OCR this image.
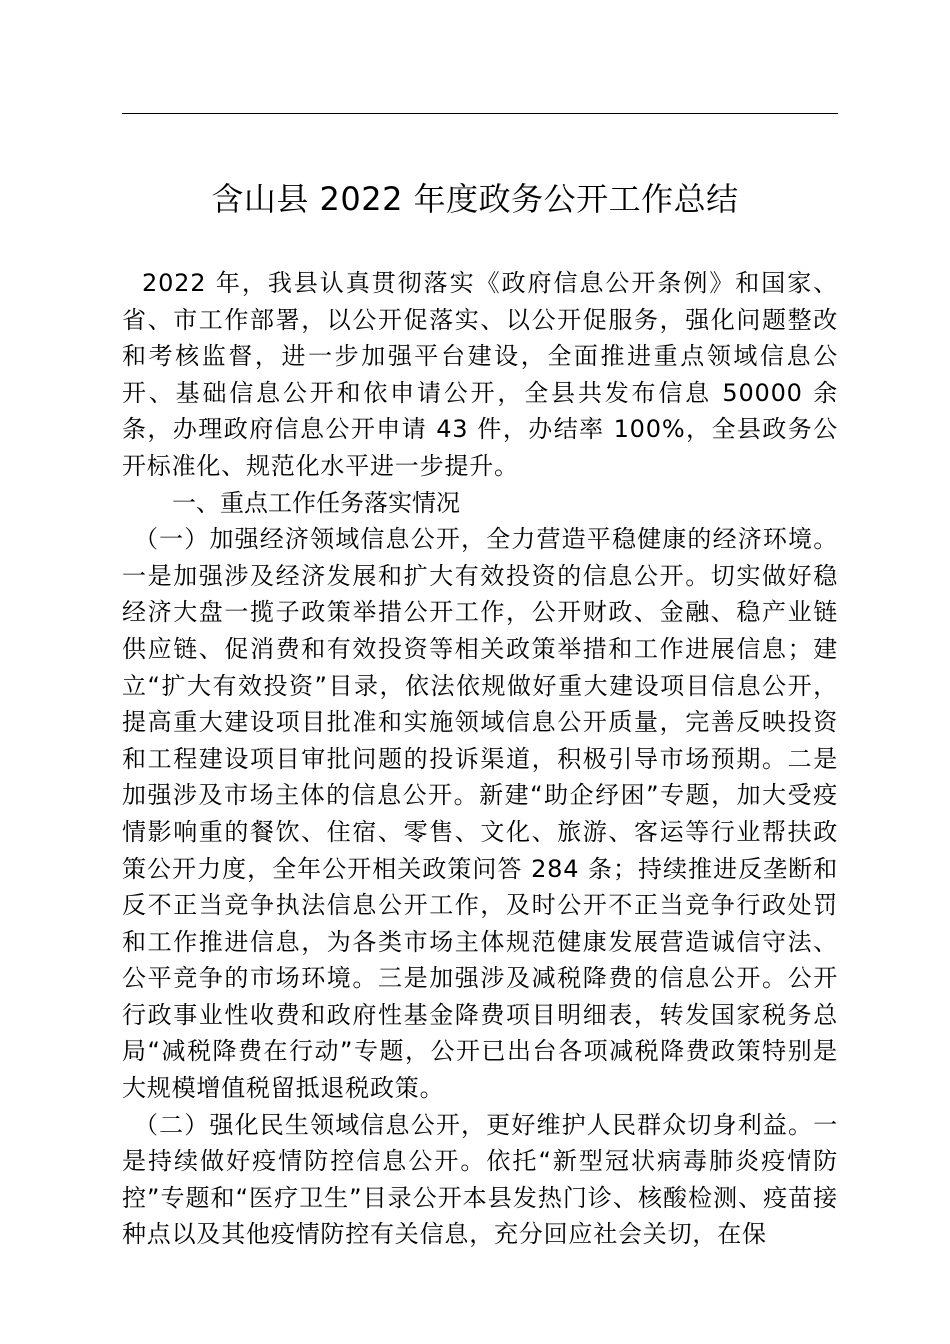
含山县 2022 年度政务公开工作总结

2022 年，我县认真贯彻落实《政府信息公开条例》和国家、省、市工作部署，以公开促落实、以公开促服务，强化问题整改和考核监督，进一步加强平台建设，全面推进重点领域信息公开、基础信息公开和依申请公开，全县共发布信息 50000 余条，办理政府信息公开申请 43 件，办结率 100%，全县政务公开标准化、规范化水平进一步提升。

一、重点工作任务落实情况

（一）加强经济领域信息公开，全力营造平稳健康的经济环境。一是加强涉及经济发展和扩大有效投资的信息公开。切实做好稳经济大盘一揽子政策举措公开工作，公开财政、金融、稳产业链供应链、促消费和有效投资等相关政策举措和工作进展信息；建立“扩大有效投资”目录，依法依规做好重大建设项目信息公开，提高重大建设项目批准和实施领域信息公开质量，完善反映投资和工程建设项目审批问题的投诉渠道，积极引导市场预期。二是加强涉及市场主体的信息公开。新建“助企纾困”专题，加大受疫情影响重的餐饮、住宿、零售、文化、旅游、客运等行业帮扶政策公开力度，全年公开相关政策问答 284 条；持续推进反垄断和反不正当竞争执法信息公开工作，及时公开不正当竞争行政处罚和工作推进信息，为各类市场主体规范健康发展营造诚信守法、公平竞争的市场环境。三是加强涉及减税降费的信息公开。公开行政事业性收费和政府性基金降费项目明细表，转发国家税务总局“减税降费在行动”专题，公开已出台各项减税降费政策特别是大规模增值税留抵退税政策。

（二）强化民生领域信息公开，更好维护人民群众切身利益。一是持续做好疫情防控信息公开。依托“新型冠状病毒肺炎疫情防控”专题和“医疗卫生”目录公开本县发热门诊、核酸检测、疫苗接种点以及其他疫情防控有关信息，充分回应社会关切，在保
